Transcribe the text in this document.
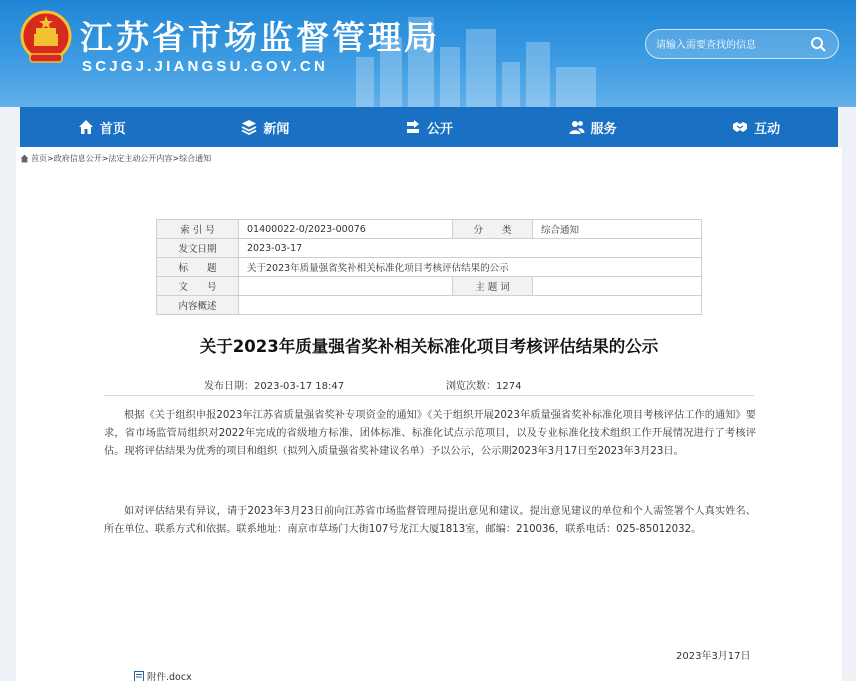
江苏省市场监督管理局
SCJGJ.JIANGSU.GOV.CN
请输入需要查找的信息
首页	新闻	公开	服务	互动
首页 > 政府信息公开 > 法定主动公开内容 > 综合通知
索 引 号	01400022-0/2023-00076	分　　类	综合通知
发文日期	2023-03-17		
标　　题	关于2023年质量强省奖补相关标准化项目考核评估结果的公示		
文　　号		主 题 词	
内容概述			
关于2023年质量强省奖补相关标准化项目考核评估结果的公示
发布日期：2023-03-17 18:47	浏览次数：1274

根据《关于组织申报2023年江苏省质量强省奖补专项资金的通知》《关于组织开展2023年质量强省奖补标准化项目考核评估工作的通知》要求，省市场监管局组织对2022年完成的省级地方标准、团体标准、标准化试点示范项目，以及专业标准化技术组织工作开展情况进行了考核评估。现将评估结果为优秀的项目和组织（拟列入质量强省奖补建议名单）予以公示，公示期2023年3月17日至2023年3月23日。

如对评估结果有异议，请于2023年3月23日前向江苏省市场监督管理局提出意见和建议。提出意见建议的单位和个人需签署个人真实姓名、所在单位、联系方式和依据。联系地址：南京市草场门大街107号龙江大厦1813室，邮编：210036，联系电话：025-85012032。

2023年3月17日
附件.docx
